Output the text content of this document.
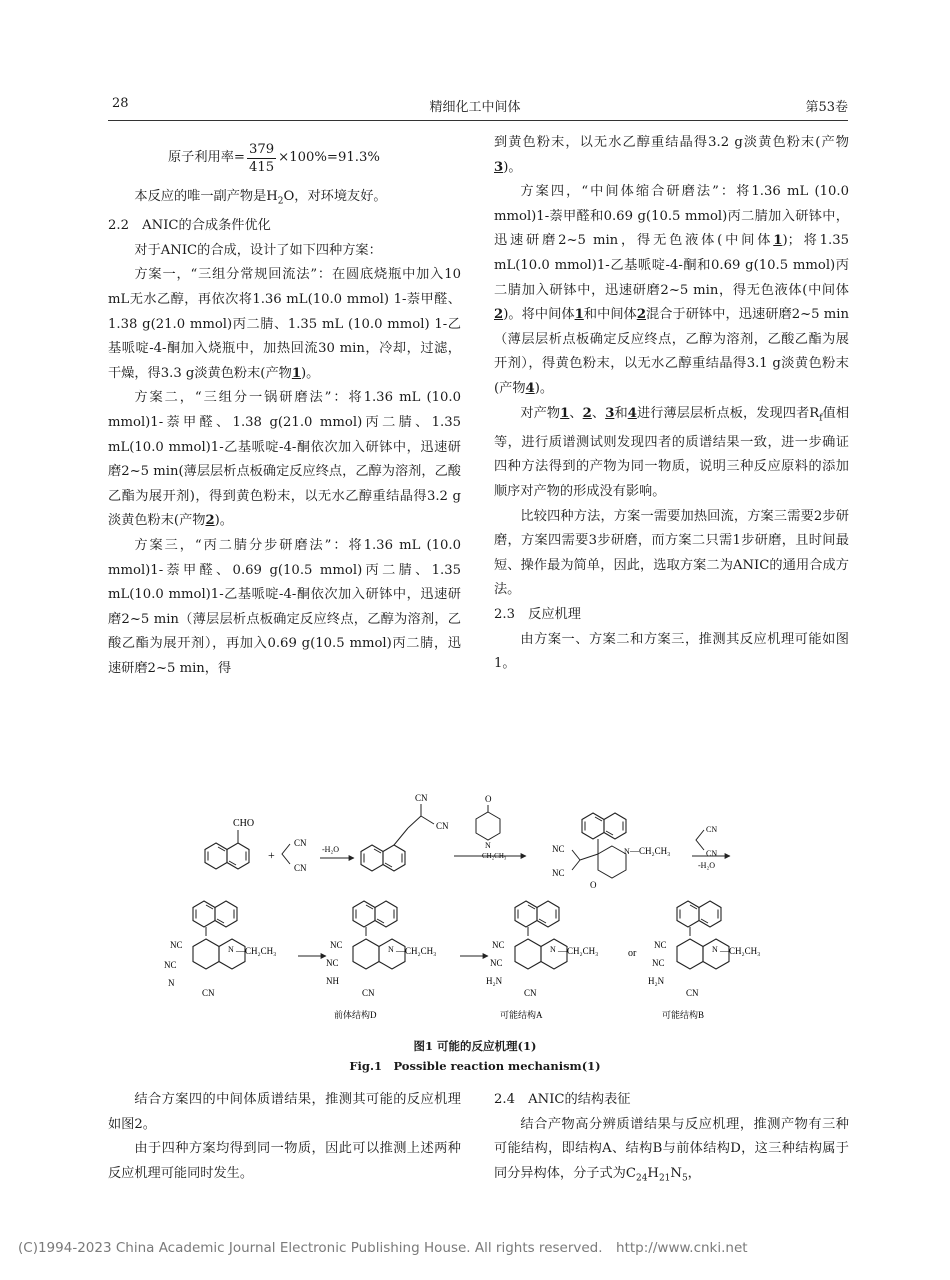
28	精细化工中间体	第53卷
原子利用率= $\frac{379}{415} \times 100\%=91.3\%$

本反应的唯一副产物是$H_2O$，对环境友好。

2.2　ANIC的合成条件优化

对于ANIC的合成，设计了如下四种方案：

方案一，“三组分常规回流法”：在圆底烧瓶中加入10 mL无水乙醇，再依次将1.36 mL(10.0 mmol) 1-萘甲醛、1.38 g(21.0 mmol)丙二腈、1.35 mL (10.0 mmol) 1-乙基哌啶-4-酮加入烧瓶中，加热回流30 min，冷却，过滤，干燥，得3.3 g淡黄色粉末(产物1)。

方案二，“三组分一锅研磨法”：将1.36 mL (10.0 mmol)1-萘甲醛、1.38 g(21.0 mmol)丙二腈、1.35 mL(10.0 mmol)1-乙基哌啶-4-酮依次加入研钵中，迅速研磨2~5 min(薄层层析点板确定反应终点，乙醇为溶剂，乙酸乙酯为展开剂)，得到黄色粉末，以无水乙醇重结晶得3.2 g淡黄色粉末(产物2)。

方案三，“丙二腈分步研磨法”：将1.36 mL (10.0 mmol)1-萘甲醛、0.69 g(10.5 mmol)丙二腈、1.35 mL(10.0 mmol)1-乙基哌啶-4-酮依次加入研钵中，迅速研磨2~5 min（薄层层析点板确定反应终点，乙醇为溶剂，乙酸乙酯为展开剂），再加入0.69 g(10.5 mmol)丙二腈，迅速研磨2~5 min，得

到黄色粉末，以无水乙醇重结晶得3.2 g淡黄色粉末(产物3)。

方案四，“中间体缩合研磨法”：将1.36 mL (10.0 mmol)1-萘甲醛和0.69 g(10.5 mmol)丙二腈加入研钵中，迅速研磨2~5 min，得无色液体(中间体1)；将1.35 mL(10.0 mmol)1-乙基哌啶-4-酮和0.69 g(10.5 mmol)丙二腈加入研钵中，迅速研磨2~5 min，得无色液体(中间体2)。将中间体1和中间体2混合于研钵中，迅速研磨2~5 min（薄层层析点板确定反应终点，乙醇为溶剂，乙酸乙酯为展开剂），得黄色粉末，以无水乙醇重结晶得3.1 g淡黄色粉末(产物4)。

对产物1、2、3和4进行薄层层析点板，发现四者$R_f$值相等，进行质谱测试则发现四者的质谱结果一致，进一步确证四种方法得到的产物为同一物质，说明三种反应原料的添加顺序对产物的形成没有影响。

比较四种方法，方案一需要加热回流，方案三需要2步研磨，方案四需要3步研磨，而方案二只需1步研磨，且时间最短、操作最为简单，因此，选取方案二为ANIC的通用合成方法。

2.3　反应机理

由方案一、方案二和方案三，推测其反应机理可能如图1。

CHO
+
CN
CN
-H₂O
CN
CN
O
N
CH₂CH₃
NC
NC
N —CH₂CH₃
O
CN
CN
-H₂O
N —CH₂CH₃
NC
NC
N
CN
N —CH₂CH₃
NC
NC
NH
CN
前体结构D
N —CH₂CH₃
NC
NC
H₂N
CN
可能结构A
or	N —CH₂CH₃
NC
NC
H₂N
CN
可能结构B
图1 可能的反应机理(1)
Fig.1　Possible reaction mechanism(1)

结合方案四的中间体质谱结果，推测其可能的反应机理如图2。

由于四种方案均得到同一物质，因此可以推测上述两种反应机理可能同时发生。

2.4　ANIC的结构表征

结合产物高分辨质谱结果与反应机理，推测产物有三种可能结构，即结构A、结构B与前体结构D，这三种结构属于同分异构体，分子式为$C_{24}H_{21}N_5$，

(C)1994-2023 China Academic Journal Electronic Publishing House. All rights reserved.　http://www.cnki.net
